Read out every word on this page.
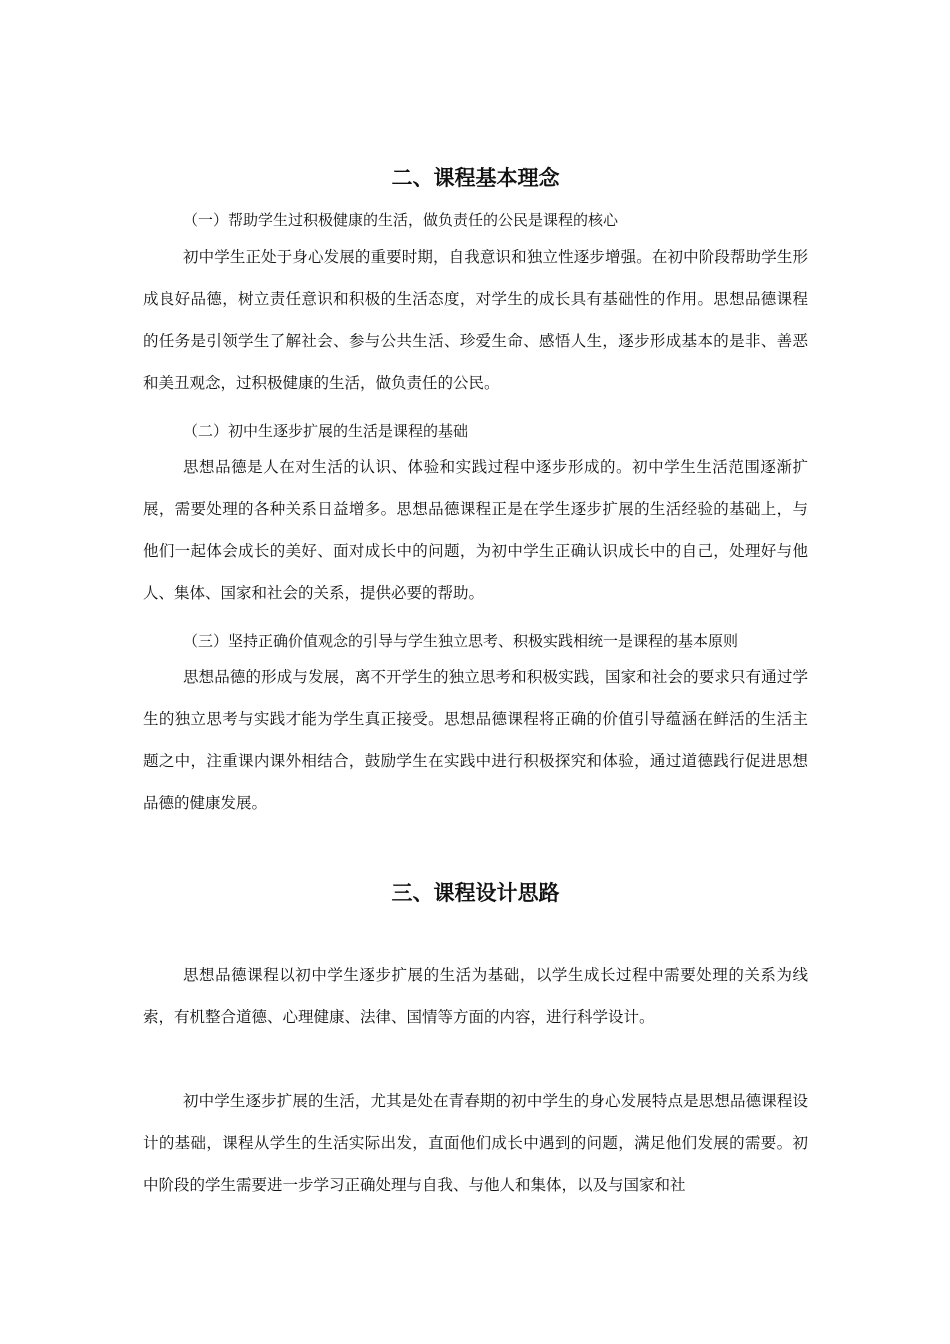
二、课程基本理念

（一）帮助学生过积极健康的生活，做负责任的公民是课程的核心

初中学生正处于身心发展的重要时期，自我意识和独立性逐步增强。在初中阶段帮助学生形成良好品德，树立责任意识和积极的生活态度，对学生的成长具有基础性的作用。思想品德课程的任务是引领学生了解社会、参与公共生活、珍爱生命、感悟人生，逐步形成基本的是非、善恶和美丑观念，过积极健康的生活，做负责任的公民。

（二）初中生逐步扩展的生活是课程的基础

思想品德是人在对生活的认识、体验和实践过程中逐步形成的。初中学生生活范围逐渐扩展，需要处理的各种关系日益增多。思想品德课程正是在学生逐步扩展的生活经验的基础上，与他们一起体会成长的美好、面对成长中的问题，为初中学生正确认识成长中的自己，处理好与他人、集体、国家和社会的关系，提供必要的帮助。

（三）坚持正确价值观念的引导与学生独立思考、积极实践相统一是课程的基本原则

思想品德的形成与发展，离不开学生的独立思考和积极实践，国家和社会的要求只有通过学生的独立思考与实践才能为学生真正接受。思想品德课程将正确的价值引导蕴涵在鲜活的生活主题之中，注重课内课外相结合，鼓励学生在实践中进行积极探究和体验，通过道德践行促进思想品德的健康发展。

三、课程设计思路

思想品德课程以初中学生逐步扩展的生活为基础，以学生成长过程中需要处理的关系为线索，有机整合道德、心理健康、法律、国情等方面的内容，进行科学设计。

初中学生逐步扩展的生活，尤其是处在青春期的初中学生的身心发展特点是思想品德课程设计的基础，课程从学生的生活实际出发，直面他们成长中遇到的问题，满足他们发展的需要。初中阶段的学生需要进一步学习正确处理与自我、与他人和集体，以及与国家和社
